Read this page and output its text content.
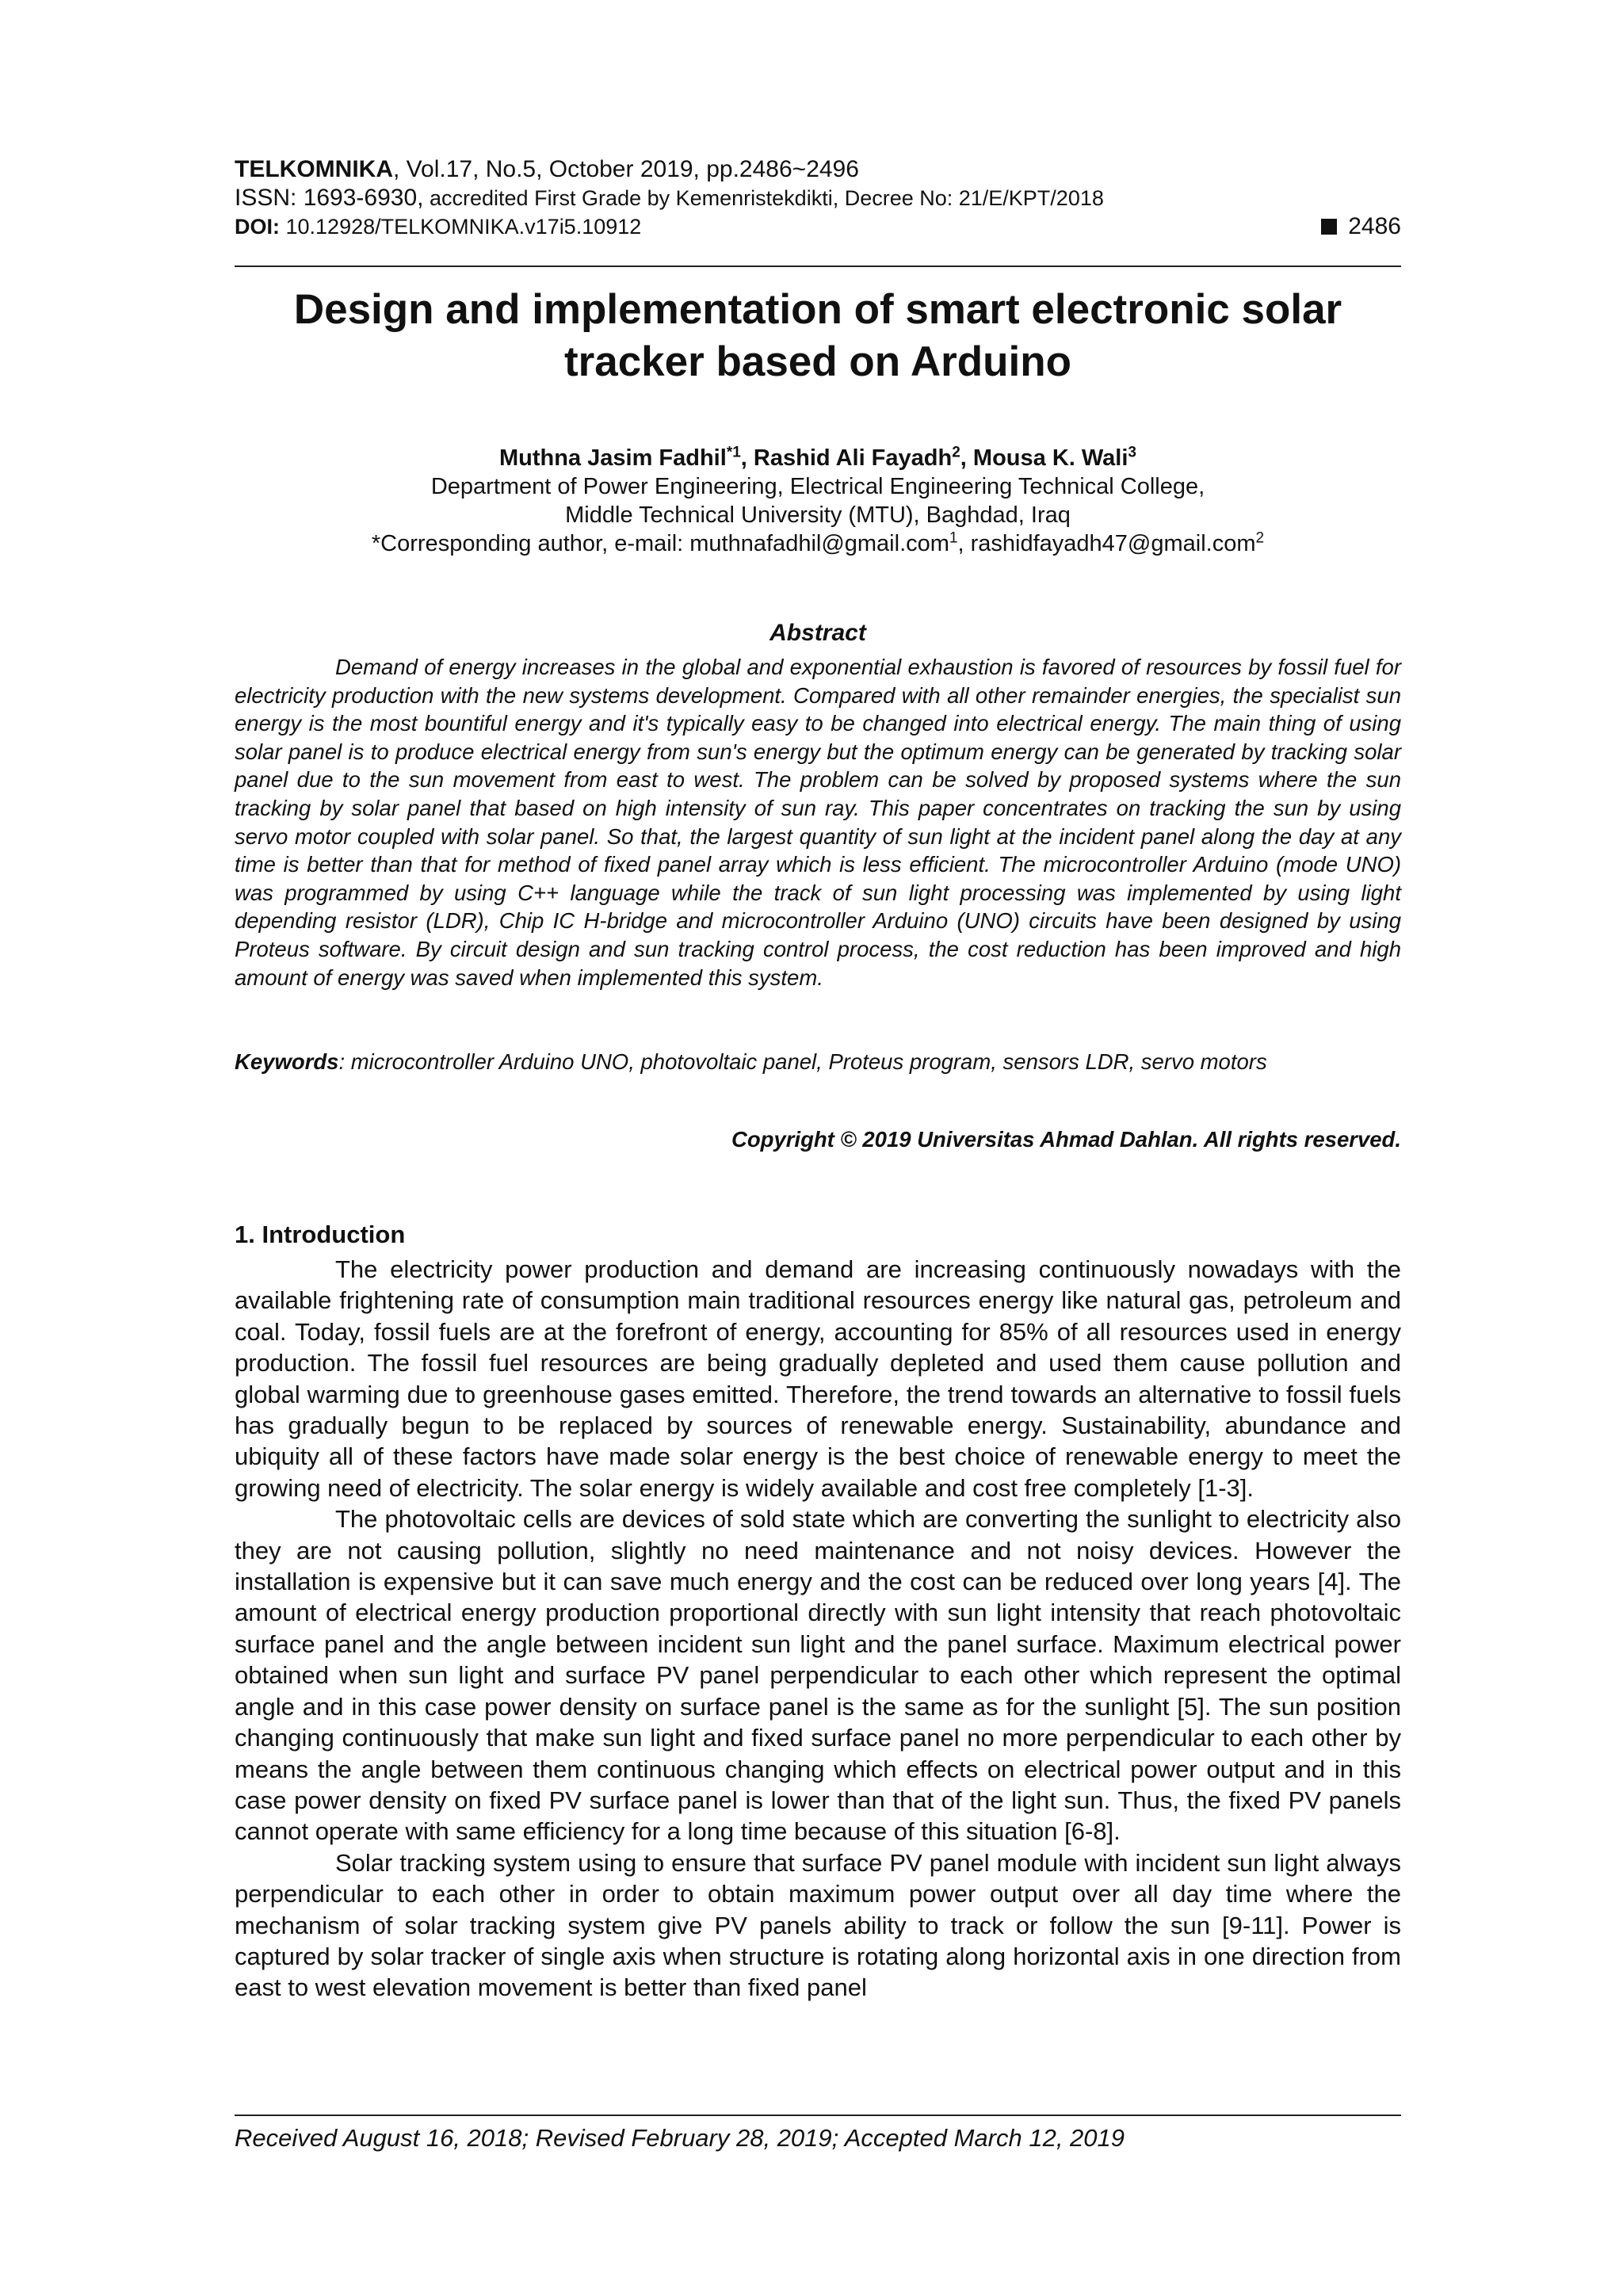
TELKOMNIKA, Vol.17, No.5, October 2019, pp.2486~2496
ISSN: 1693-6930, accredited First Grade by Kemenristekdikti, Decree No: 21/E/KPT/2018
DOI: 10.12928/TELKOMNIKA.v17i5.10912	2486
Design and implementation of smart electronic solar
tracker based on Arduino
Muthna Jasim Fadhil$^{*1}$, Rashid Ali Fayadh$^2$, Mousa K. Wali$^3$
Department of Power Engineering, Electrical Engineering Technical College,
Middle Technical University (MTU), Baghdad, Iraq
*Corresponding author, e-mail: muthnafadhil@gmail.com$^1$, rashidfayadh47@gmail.com$^2$
Abstract
Demand of energy increases in the global and exponential exhaustion is favored of resources by fossil fuel for electricity production with the new systems development. Compared with all other remainder energies, the specialist sun energy is the most bountiful energy and it's typically easy to be changed into electrical energy. The main thing of using solar panel is to produce electrical energy from sun's energy but the optimum energy can be generated by tracking solar panel due to the sun movement from east to west. The problem can be solved by proposed systems where the sun tracking by solar panel that based on high intensity of sun ray. This paper concentrates on tracking the sun by using servo motor coupled with solar panel. So that, the largest quantity of sun light at the incident panel along the day at any time is better than that for method of fixed panel array which is less efficient. The microcontroller Arduino (mode UNO) was programmed by using C++ language while the track of sun light processing was implemented by using light depending resistor (LDR), Chip IC H-bridge and microcontroller Arduino (UNO) circuits have been designed by using Proteus software. By circuit design and sun tracking control process, the cost reduction has been improved and high amount of energy was saved when implemented this system.
Keywords: microcontroller Arduino UNO, photovoltaic panel, Proteus program, sensors LDR, servo motors
Copyright © 2019 Universitas Ahmad Dahlan. All rights reserved.
1. Introduction

The electricity power production and demand are increasing continuously nowadays with the available frightening rate of consumption main traditional resources energy like natural gas, petroleum and coal. Today, fossil fuels are at the forefront of energy, accounting for 85% of all resources used in energy production. The fossil fuel resources are being gradually depleted and used them cause pollution and global warming due to greenhouse gases emitted. Therefore, the trend towards an alternative to fossil fuels has gradually begun to be replaced by sources of renewable energy. Sustainability, abundance and ubiquity all of these factors have made solar energy is the best choice of renewable energy to meet the growing need of electricity. The solar energy is widely available and cost free completely [1-3].

The photovoltaic cells are devices of sold state which are converting the sunlight to electricity also they are not causing pollution, slightly no need maintenance and not noisy devices. However the installation is expensive but it can save much energy and the cost can be reduced over long years [4]. The amount of electrical energy production proportional directly with sun light intensity that reach photovoltaic surface panel and the angle between incident sun light and the panel surface. Maximum electrical power obtained when sun light and surface PV panel perpendicular to each other which represent the optimal angle and in this case power density on surface panel is the same as for the sunlight [5]. The sun position changing continuously that make sun light and fixed surface panel no more perpendicular to each other by means the angle between them continuous changing which effects on electrical power output and in this case power density on fixed PV surface panel is lower than that of the light sun. Thus, the fixed PV panels cannot operate with same efficiency for a long time because of this situation [6-8].

Solar tracking system using to ensure that surface PV panel module with incident sun light always perpendicular to each other in order to obtain maximum power output over all day time where the mechanism of solar tracking system give PV panels ability to track or follow the sun [9-11]. Power is captured by solar tracker of single axis when structure is rotating along horizontal axis in one direction from east to west elevation movement is better than fixed panel

Received August 16, 2018; Revised February 28, 2019; Accepted March 12, 2019
